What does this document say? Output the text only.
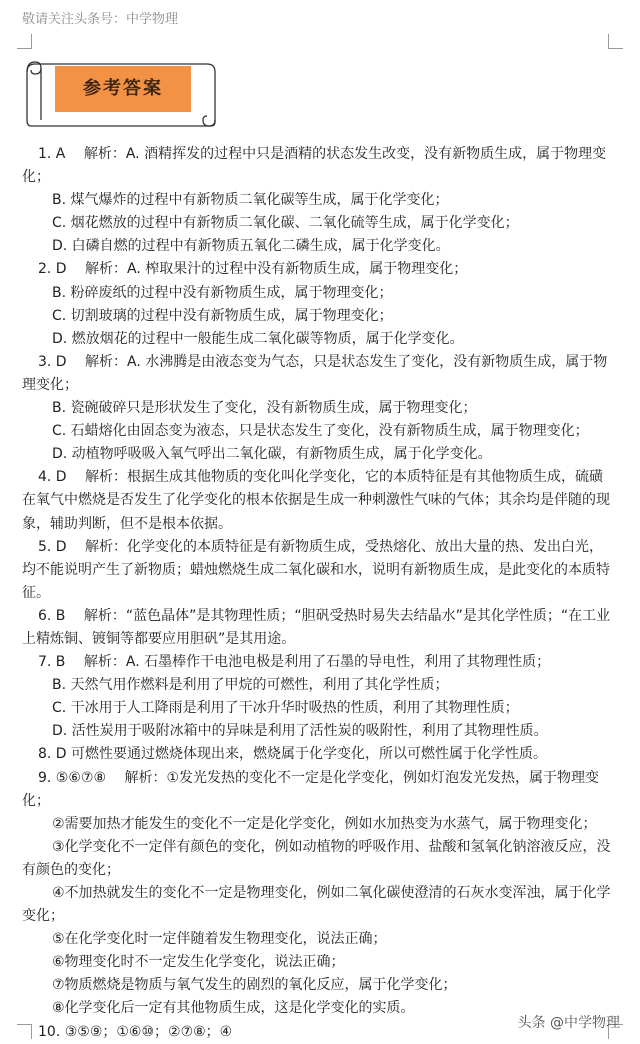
敬请关注头条号：中学物理
参考答案

1. A　 解析：A. 酒精挥发的过程中只是酒精的状态发生改变，没有新物质生成，属于物理变化；

B. 煤气爆炸的过程中有新物质二氧化碳等生成，属于化学变化；

C. 烟花燃放的过程中有新物质二氧化碳、二氧化硫等生成，属于化学变化；

D. 白磷自燃的过程中有新物质五氧化二磷生成，属于化学变化。

2. D　 解析：A. 榨取果汁的过程中没有新物质生成，属于物理变化；

B. 粉碎废纸的过程中没有新物质生成，属于物理变化；

C. 切割玻璃的过程中没有新物质生成，属于物理变化；

D. 燃放烟花的过程中一般能生成二氧化碳等物质，属于化学变化。

3. D　 解析：A. 水沸腾是由液态变为气态，只是状态发生了变化，没有新物质生成，属于物理变化；

B. 瓷碗破碎只是形状发生了变化，没有新物质生成，属于物理变化；

C. 石蜡熔化由固态变为液态，只是状态发生了变化，没有新物质生成，属于物理变化；

D. 动植物呼吸吸入氧气呼出二氧化碳，有新物质生成，属于化学变化。

4. D　 解析：根据生成其他物质的变化叫化学变化，它的本质特征是有其他物质生成，硫磺在氧气中燃烧是否发生了化学变化的根本依据是生成一种刺激性气味的气体；其余均是伴随的现象，辅助判断，但不是根本依据。

5. D　 解析：化学变化的本质特征是有新物质生成，受热熔化、放出大量的热、发出白光，均不能说明产生了新物质；蜡烛燃烧生成二氧化碳和水，说明有新物质生成，是此变化的本质特征。

6. B　 解析：“蓝色晶体”是其物理性质；“胆矾受热时易失去结晶水”是其化学性质；“在工业上精炼铜、镀铜等都要应用胆矾”是其用途。

7. B　 解析：A. 石墨棒作干电池电极是利用了石墨的导电性，利用了其物理性质；

B. 天然气用作燃料是利用了甲烷的可燃性，利用了其化学性质；

C. 干冰用于人工降雨是利用了干冰升华时吸热的性质，利用了其物理性质；

D. 活性炭用于吸附冰箱中的异味是利用了活性炭的吸附性，利用了其物理性质。

8. D 可燃性要通过燃烧体现出来，燃烧属于化学变化，所以可燃性属于化学性质。

9. ⑤⑥⑦⑧　 解析：①发光发热的变化不一定是化学变化，例如灯泡发光发热，属于物理变化；

②需要加热才能发生的变化不一定是化学变化，例如水加热变为水蒸气，属于物理变化；

③化学变化不一定伴有颜色的变化，例如动植物的呼吸作用、盐酸和氢氧化钠溶液反应，没有颜色的变化；

④不加热就发生的变化不一定是物理变化，例如二氧化碳使澄清的石灰水变浑浊，属于化学变化；

⑤在化学变化时一定伴随着发生物理变化，说法正确；

⑥物理变化时不一定发生化学变化，说法正确；

⑦物质燃烧是物质与氧气发生的剧烈的氧化反应，属于化学变化；

⑧化学变化后一定有其他物质生成，这是化学变化的实质。

10. ③⑤⑨；①⑥⑩；②⑦⑧；④

头条 @中学物理
